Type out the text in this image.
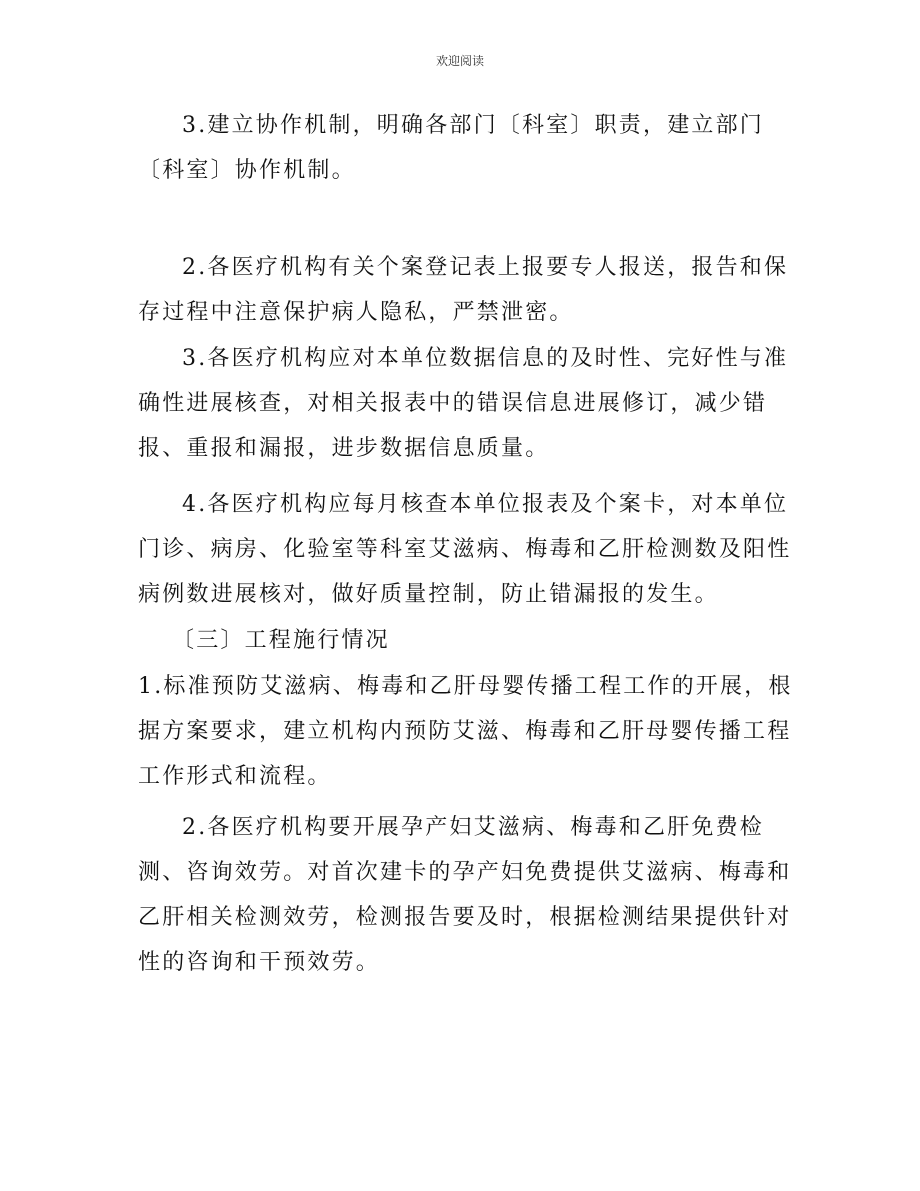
欢迎阅读

3.建立协作机制，明确各部门〔科室〕职责，建立部门〔科室〕协作机制。

2.各医疗机构有关个案登记表上报要专人报送，报告和保存过程中注意保护病人隐私，严禁泄密。

3.各医疗机构应对本单位数据信息的及时性、完好性与准确性进展核查，对相关报表中的错误信息进展修订，减少错报、重报和漏报，进步数据信息质量。

4.各医疗机构应每月核查本单位报表及个案卡，对本单位门诊、病房、化验室等科室艾滋病、梅毒和乙肝检测数及阳性病例数进展核对，做好质量控制，防止错漏报的发生。

〔三〕工程施行情况

1.标准预防艾滋病、梅毒和乙肝母婴传播工程工作的开展，根据方案要求，建立机构内预防艾滋、梅毒和乙肝母婴传播工程工作形式和流程。

2.各医疗机构要开展孕产妇艾滋病、梅毒和乙肝免费检测、咨询效劳。对首次建卡的孕产妇免费提供艾滋病、梅毒和乙肝相关检测效劳，检测报告要及时，根据检测结果提供针对性的咨询和干预效劳。
